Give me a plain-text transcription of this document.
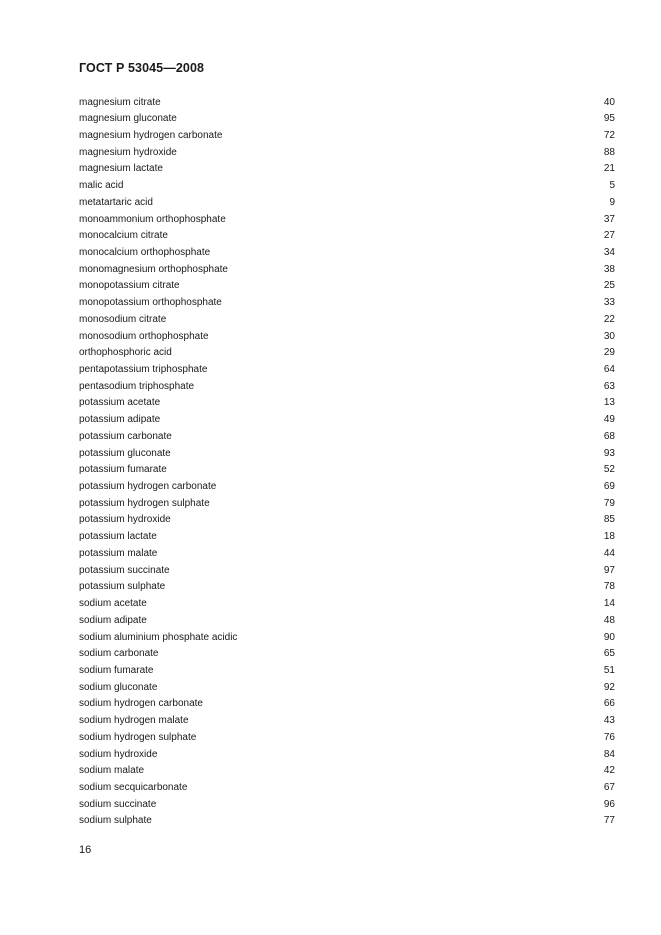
ГОСТ Р 53045—2008
magnesium citrate	40
magnesium gluconate	95
magnesium hydrogen carbonate	72
magnesium hydroxide	88
magnesium lactate	21
malic acid	5
metatartaric acid	9
monoammonium orthophosphate	37
monocalcium citrate	27
monocalcium orthophosphate	34
monomagnesium orthophosphate	38
monopotassium citrate	25
monopotassium orthophosphate	33
monosodium citrate	22
monosodium orthophosphate	30
orthophosphoric acid	29
pentapotassium triphosphate	64
pentasodium triphosphate	63
potassium acetate	13
potassium adipate	49
potassium carbonate	68
potassium gluconate	93
potassium fumarate	52
potassium hydrogen carbonate	69
potassium hydrogen sulphate	79
potassium hydroxide	85
potassium lactate	18
potassium malate	44
potassium succinate	97
potassium sulphate	78
sodium acetate	14
sodium adipate	48
sodium aluminium phosphate acidic	90
sodium carbonate	65
sodium fumarate	51
sodium gluconate	92
sodium hydrogen carbonate	66
sodium hydrogen malate	43
sodium hydrogen sulphate	76
sodium hydroxide	84
sodium malate	42
sodium secquicarbonate	67
sodium succinate	96
sodium sulphate	77
16
